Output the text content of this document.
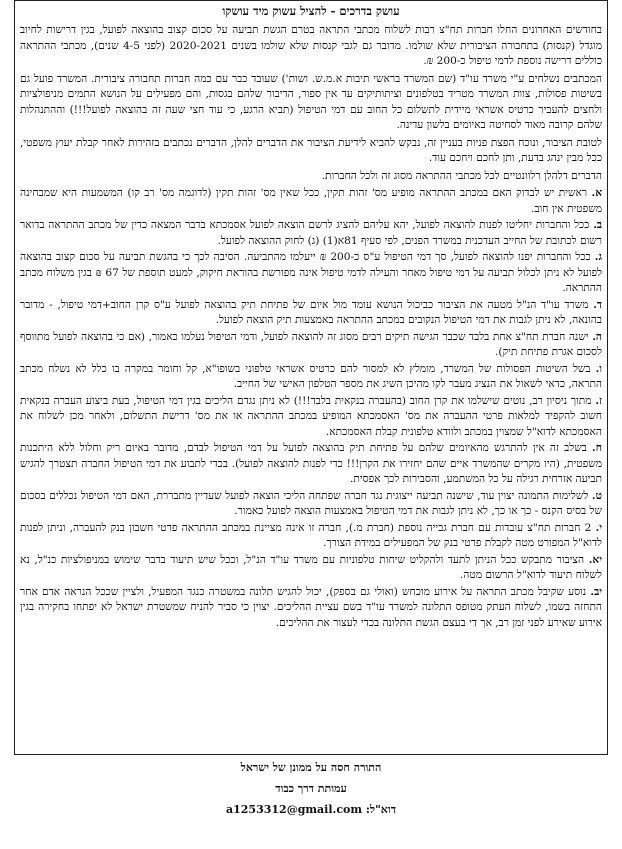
עושק בדרכים - להציל עשוק מיד עושקו
בחודשים האחרונים החלו חברות תח"צ רבות לשלוח מכתבי התראה בטרם הגשת תביעה על סכום קצוב בהוצאה לפועל, בגין דרישות לחיוב מוגדל (קנסות) בתחבורה הציבורית שלא שולמו. מדובר גם לגבי קנסות שלא שולמו בשנים 2020-2021 (לפני 4-5 שנים), מכתבי ההתראה כוללים דרישה נוספת לדמי טיפול כ-200 ₪.
המכתבים נשלחים ע"י משרד עו"ד (שם המשרד בראשי תיבות א.מ.ש. ושות') שעובד כבר עם כמה חברות תחבורה ציבורית. המשרד פועל גם בשיטות פסולות, צוות המשרד מטריד בטלפונים וציתותיקים עד אין ספור, הדיבור שלהם בגסות, והם מפעילים על הנושא התמים מניפולציות ולחצים להעביר כרטיס אשראי מיידית לתשלום כל החוב עם דמי הטיפול (תביא הרגע, כי עוד חצי שעה זה בהוצאה לפועל!!!) וההתנהלות שלהם קרובה מאוד לסחיטה באיומים בלשון עדינה.
לטובת הציבור, ונוכח הפצת פניות בעניין זה, נבקש להביא לידיעת הציבור את הדברים להלן, הדברים נכתבים בזהירות לאחר קבלת יעוץ משפטי, ככל מבין ינהג בדעת, ותן לחכם ויחכם עוד.
הדברים דלהלן רלוונטיים לכל מכתבי ההתראה מסוג זה ולכל החברות.
א. ראשית יש לבדוק האם במכתב ההתראה מופיע מס' זהות תקין, ככל שאין מס' זהות תקין (לדוגמה מס' רב קו) המשמעות היא שמבחינה משפטית אין חוב.
ב. ככל והחברות יחליטו לפנות להוצאה לפועל, יהא עליהם להציג לרשם הוצאה לפועל אסמכתא בדבר המצאה כדין של מכתב ההתראה בדואר רשום לכתובת של החייב העדכנית במשרד הפנים, לפי סעיף 81א(1) (ג) לחוק ההוצאה לפועל.
ג. ככל והחברות יפנו להוצאה לפועל, סך דמי הטיפול ע"ס כ-200 ₪ ייעלמו מהתביעה. הסיבה לכך כי בהגשת תביעה על סכום קצוב בהוצאה לפועל לא ניתן לכלול תביעה על דמי טיפול מאחר והעילה לדמי טיפול אינה מפורשת בהוראת חיקוק, למעט תוספת של 67 ₪ בגין משלוח מכתב ההתראה.
ד. משרד עו"ד הנ"ל מטעה את הציבור כביכול הנושא עומד מול איום של פתיחת תיק בהוצאה לפועל ע"ס קרן החוב+דמי טיפול, - מדובר בהונאה, לא ניתן לגבות את דמי הטיפול הנקובים במכתב ההתראה באמצעות תיק הוצאה לפועל.
ה. ישנה חברת תח"צ אחת בלבד שכבר הגישה תיקים רבים מסוג זה להוצאה לפועל, ודמי הטיפול נעלמו כאמור, (אם כי בהוצאה לפועל מתווסף לסכום אגרת פתיחת תיק).
ו. בשל השיטות הפסולות של המשרד, מומלץ לא למסור להם כרטיס אשראי טלפוני בשופו"א, קל וחומר במקרה בו כלל לא נשלח מכתב התראה, כדאי לשאול את הנציג מעבר לקו מהיכן השיג את מספר הטלפון האישי של החייב.
ז. מתוך ניסיון רב, נוטים שישלמו את קרן החוב (בהעברה בנקאית בלבד!!!) לא ניתן נגדם הליכים בגין דמי הטיפול, בעת ביצוע העברה בנקאית חשוב להקפיד למלאות פרטי ההעברה את מס' האסמכתא המופיע במכתב ההתראה או את מס' דרישת התשלום, ולאחר מכן לשלוח את האסמכתא לדוא"ל שמצוין במכתב ולוודא טלפונית קבלת האסמכתא.
ח. בשלב זה אין להתרגש מהאיומים שלהם על פתיחת תיק בהוצאה לפועל על דמי הטיפול לבדם, מדובר באיום ריק וחלול ללא היתכנות משפטית, (היו מקרים שהמשרד איים שהם יחזירו את הקרן!!! כדי לפנות להוצאה לפועל). בכדי לתבוע את דמי הטיפול החברה תצטרך להגיש תביעה אזרחית רגילה על כל המשתמע, והסבירות לכך אפסית.
ט. לשלימות התמונה יצוין עוד, שישנה תביעה ייצוגית נגד חברה שפתחה הליכי הוצאה לפועל שעדיין מתבררת, האם דמי הטיפול נכללים בסכום של בסיס הקנס - כך או כך, לא ניתן לגבות את דמי הטיפול באמצעות הוצאה לפועל כאמור.
י. 2 חברות תח"צ עובדות עם חברת גבייה נוספת (חברת מ.), חברה זו אינה מציינת במכתב ההתראה פרטי חשבון בנק להעברה, וניתן לפנות לדוא"ל המפורט מטה לקבלת פרטי בנק של המפעילים במידת הצורך.
יא. הציבור מתבקש ככל הניתן לתעד ולהקליט שיחות טלפוניות עם משרד עו"ד הנ"ל, וככל שיש תיעוד בדבר שימוש במניפולציות כנ"ל, נא לשלוח תיעוד לדוא"ל הרשום מטה.
יב. נוסע שקיבל מכתב התראה על אירוע מוכחש (ואולי גם בספק), יכול להגיש תלונה במשטרה כנגד המפעיל, ולציין שככל הנראה אדם אחר התחזה בשמו, לשלוח העתק מטופס התלונה למשרד עו"ד בשם עציית ההליכים. יצוין כי סביר להניח שמשטרת ישראל לא יפתחו בחקירה בגין אירוע שאירע לפני זמן רב, אך די בעצם הגשת התלונה בכדי לעצור את ההליכים.
התורה חסה על ממונן של ישראל
עמותת דרך כבוד
דוא"ל: a1253312@gmail.com
